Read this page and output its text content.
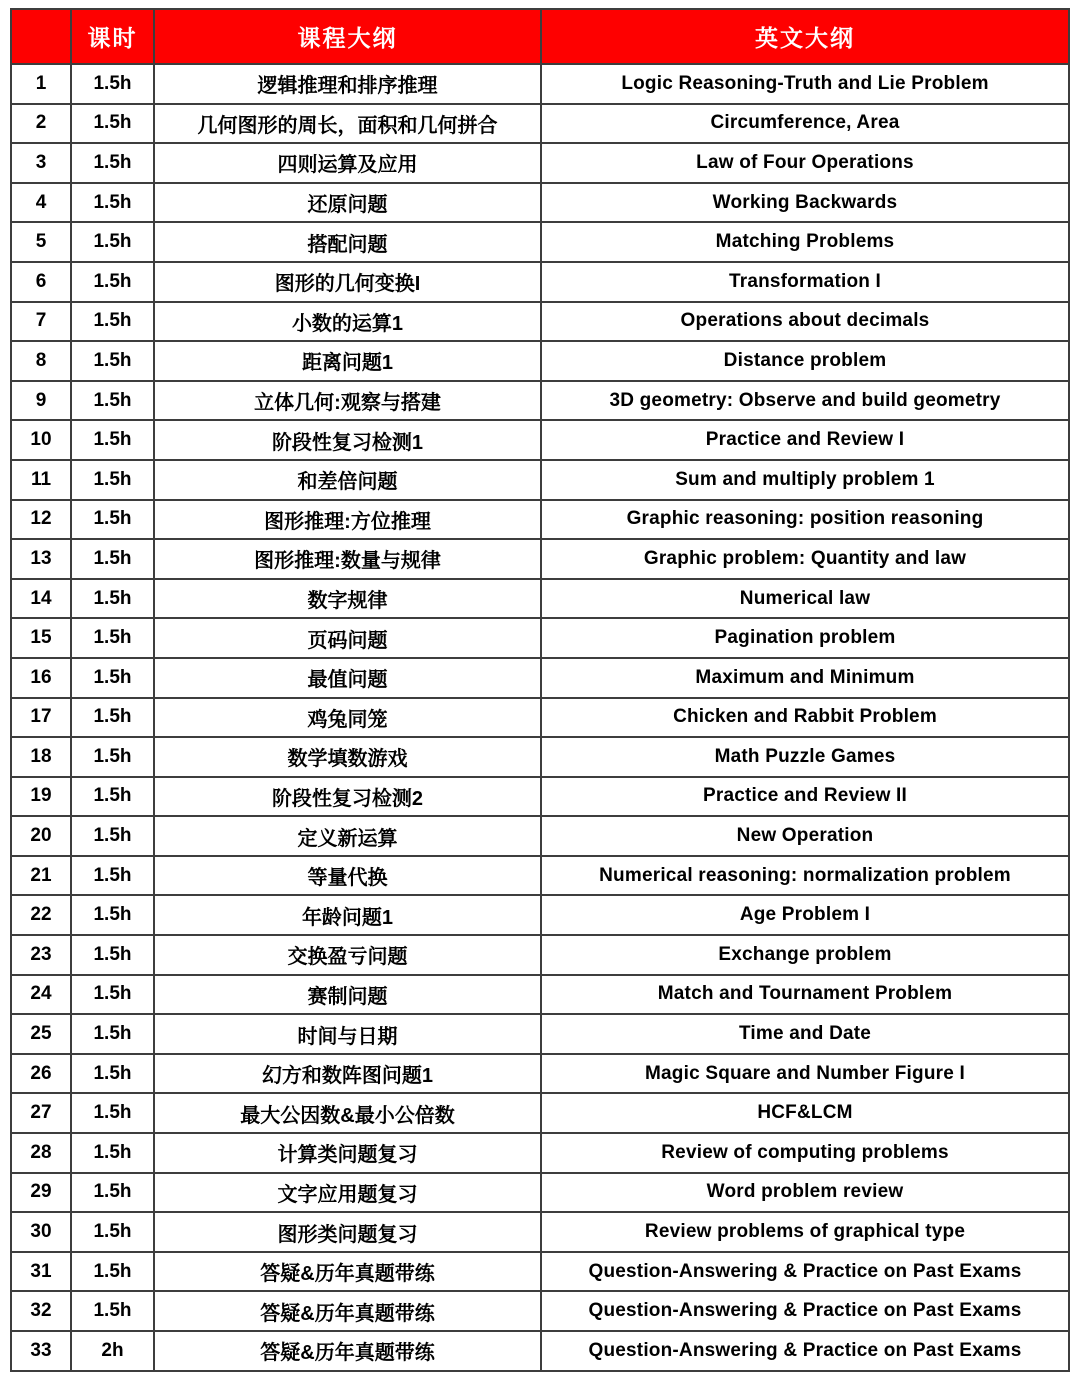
	课时	课程大纲	英文大纲
1	1.5h	逻辑推理和排序推理	Logic Reasoning-Truth and Lie Problem
2	1.5h	几何图形的周长，面积和几何拼合	Circumference, Area
3	1.5h	四则运算及应用	Law of Four Operations
4	1.5h	还原问题	Working Backwards
5	1.5h	搭配问题	Matching Problems
6	1.5h	图形的几何变换I	Transformation I
7	1.5h	小数的运算1	Operations about decimals
8	1.5h	距离问题1	Distance problem
9	1.5h	立体几何:观察与搭建	3D geometry: Observe and build geometry
10	1.5h	阶段性复习检测1	Practice and Review I
11	1.5h	和差倍问题	Sum and multiply problem 1
12	1.5h	图形推理:方位推理	Graphic reasoning: position reasoning
13	1.5h	图形推理:数量与规律	Graphic problem: Quantity and law
14	1.5h	数字规律	Numerical law
15	1.5h	页码问题	Pagination problem
16	1.5h	最值问题	Maximum and Minimum
17	1.5h	鸡兔同笼	Chicken and Rabbit Problem
18	1.5h	数学填数游戏	Math Puzzle Games
19	1.5h	阶段性复习检测2	Practice and Review II
20	1.5h	定义新运算	New Operation
21	1.5h	等量代换	Numerical reasoning: normalization problem
22	1.5h	年龄问题1	Age Problem I
23	1.5h	交换盈亏问题	Exchange problem
24	1.5h	赛制问题	Match and Tournament Problem
25	1.5h	时间与日期	Time and Date
26	1.5h	幻方和数阵图问题1	Magic Square and Number Figure I
27	1.5h	最大公因数&最小公倍数	HCF&LCM
28	1.5h	计算类问题复习	Review of computing problems
29	1.5h	文字应用题复习	Word problem review
30	1.5h	图形类问题复习	Review problems of graphical type
31	1.5h	答疑&历年真题带练	Question-Answering & Practice on Past Exams
32	1.5h	答疑&历年真题带练	Question-Answering & Practice on Past Exams
33	2h	答疑&历年真题带练	Question-Answering & Practice on Past Exams
